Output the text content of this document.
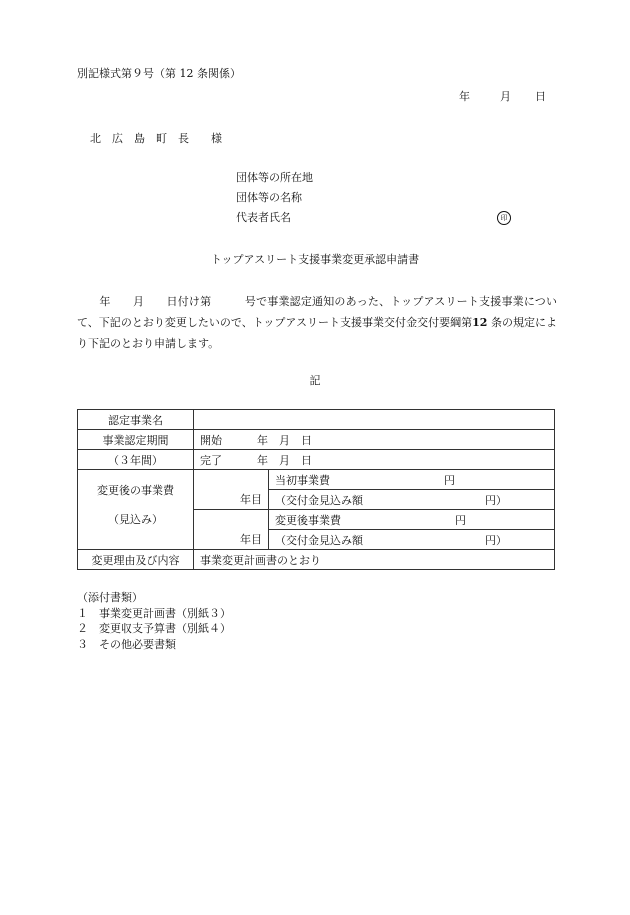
別記様式第９号（第 12 条関係）
年	月 日
北　広　島　町　長　　様
団体等の所在地
団体等の名称
代表者氏名	印
トップアスリート支援事業変更承認申請書
　　年　　月　　日付け第　　　号で事業認定通知のあった、トップアスリート支援事業について、下記のとおり変更したいので、トップアスリート支援事業交付金交付要綱第12 条の規定により下記のとおり申請します。
記
認定事業名		
事業認定期間	開始 年　月　日	
（３年間）	完了 年　月　日	
変更後の事業費	年目	当初事業費 円

		（交付金見込み額 円）

（見込み）	年目	変更後事業費 円

		（交付金見込み額 円）

変更理由及び内容	事業変更計画書のとおり	
（添付書類）
１　事業変更計画書（別紙３）
２　変更収支予算書（別紙４）
３　その他必要書類
